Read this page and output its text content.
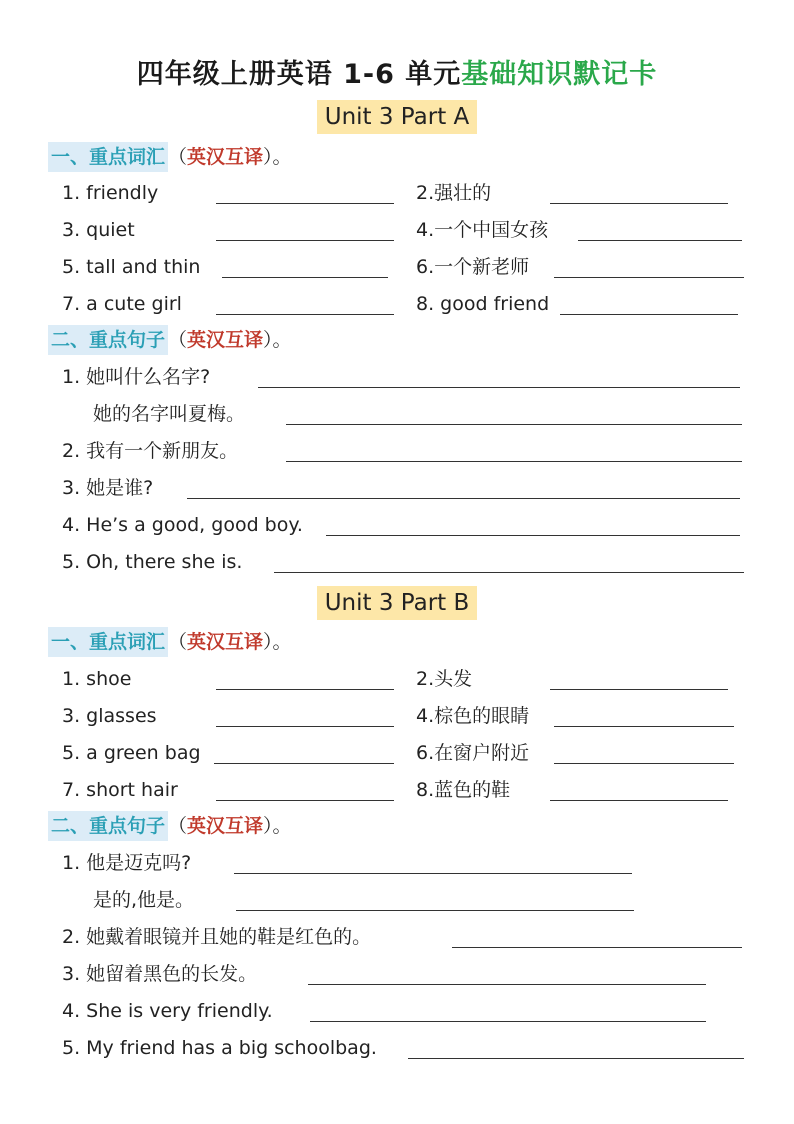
四年级上册英语 1-6 单元基础知识默记卡
Unit 3 Part A
一、重点词汇 （英汉互译）。
1. friendly	2.强壮的
3. quiet	4.一个中国女孩
5. tall and thin	6.一个新老师
7. a cute girl	8. good friend
二、重点句子 （英汉互译）。
1. 她叫什么名字?
她的名字叫夏梅。
2. 我有一个新朋友。
3. 她是谁?
4. He’s a good, good boy.
5. Oh, there she is.
Unit 3 Part B
一、重点词汇 （英汉互译）。
1. shoe	2.头发
3. glasses	4.棕色的眼睛
5. a green bag	6.在窗户附近
7. short hair	8.蓝色的鞋
二、重点句子 （英汉互译）。
1. 他是迈克吗?
是的,他是。
2. 她戴着眼镜并且她的鞋是红色的。
3. 她留着黑色的长发。
4. She is very friendly.
5. My friend has a big schoolbag.
